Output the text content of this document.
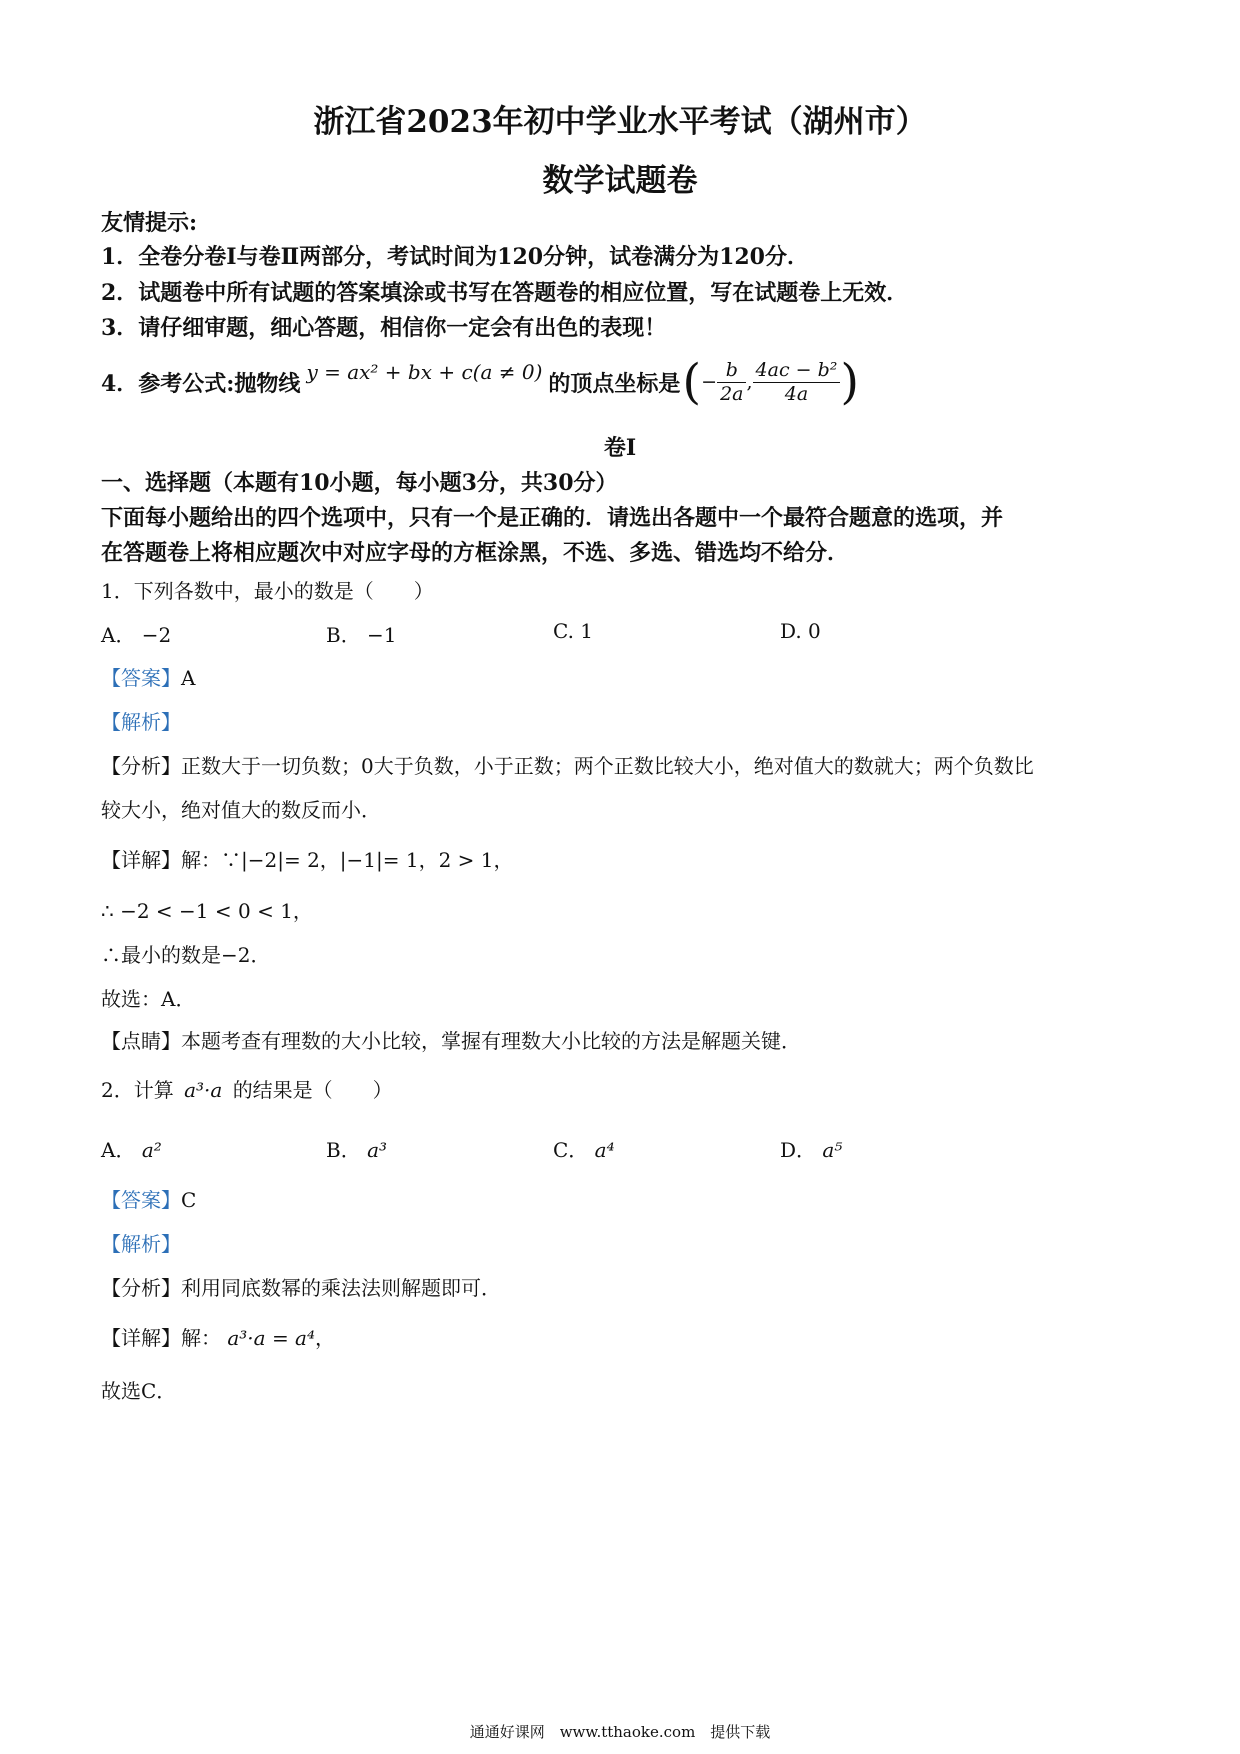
浙江省2023年初中学业水平考试（湖州市）
数学试题卷
友情提示:
1．全卷分卷Ⅰ与卷Ⅱ两部分，考试时间为120分钟，试卷满分为120分．
2．试题卷中所有试题的答案填涂或书写在答题卷的相应位置，写在试题卷上无效．
3．请仔细审题，细心答题，相信你一定会有出色的表现！
4．参考公式:抛物线 y = ax² + bx + c(a ≠ 0) 的顶点坐标是 ( − $\frac{b}{2a}$ , $\frac{\text{4ac − b²}}{4a}$ )
卷Ⅰ
一、选择题（本题有10小题，每小题3分，共30分）
下面每小题给出的四个选项中，只有一个是正确的．请选出各题中一个最符合题意的选项，并
在答题卷上将相应题次中对应字母的方框涂黑，不选、多选、错选均不给分．
1．下列各数中，最小的数是（　　）
A． −2	B． −1	C. 1	D. 0
【答案】A
【解析】
【分析】正数大于一切负数；0大于负数，小于正数；两个正数比较大小，绝对值大的数就大；两个负数比
较大小，绝对值大的数反而小．
【详解】解：∵|−2|= 2，|−1|= 1，2 > 1，
∴ −2 < −1 < 0 < 1，
∴最小的数是−2．
故选：A．
【点睛】本题考查有理数的大小比较，掌握有理数大小比较的方法是解题关键．
2．计算 a³·a 的结果是（　　）
A． a²	B． a³	C． a⁴	D． a⁵
【答案】C
【解析】
【分析】利用同底数幂的乘法法则解题即可．
【详解】解： a³·a = a⁴，
故选C．
通通好课网　www.tthaoke.com　提供下载
